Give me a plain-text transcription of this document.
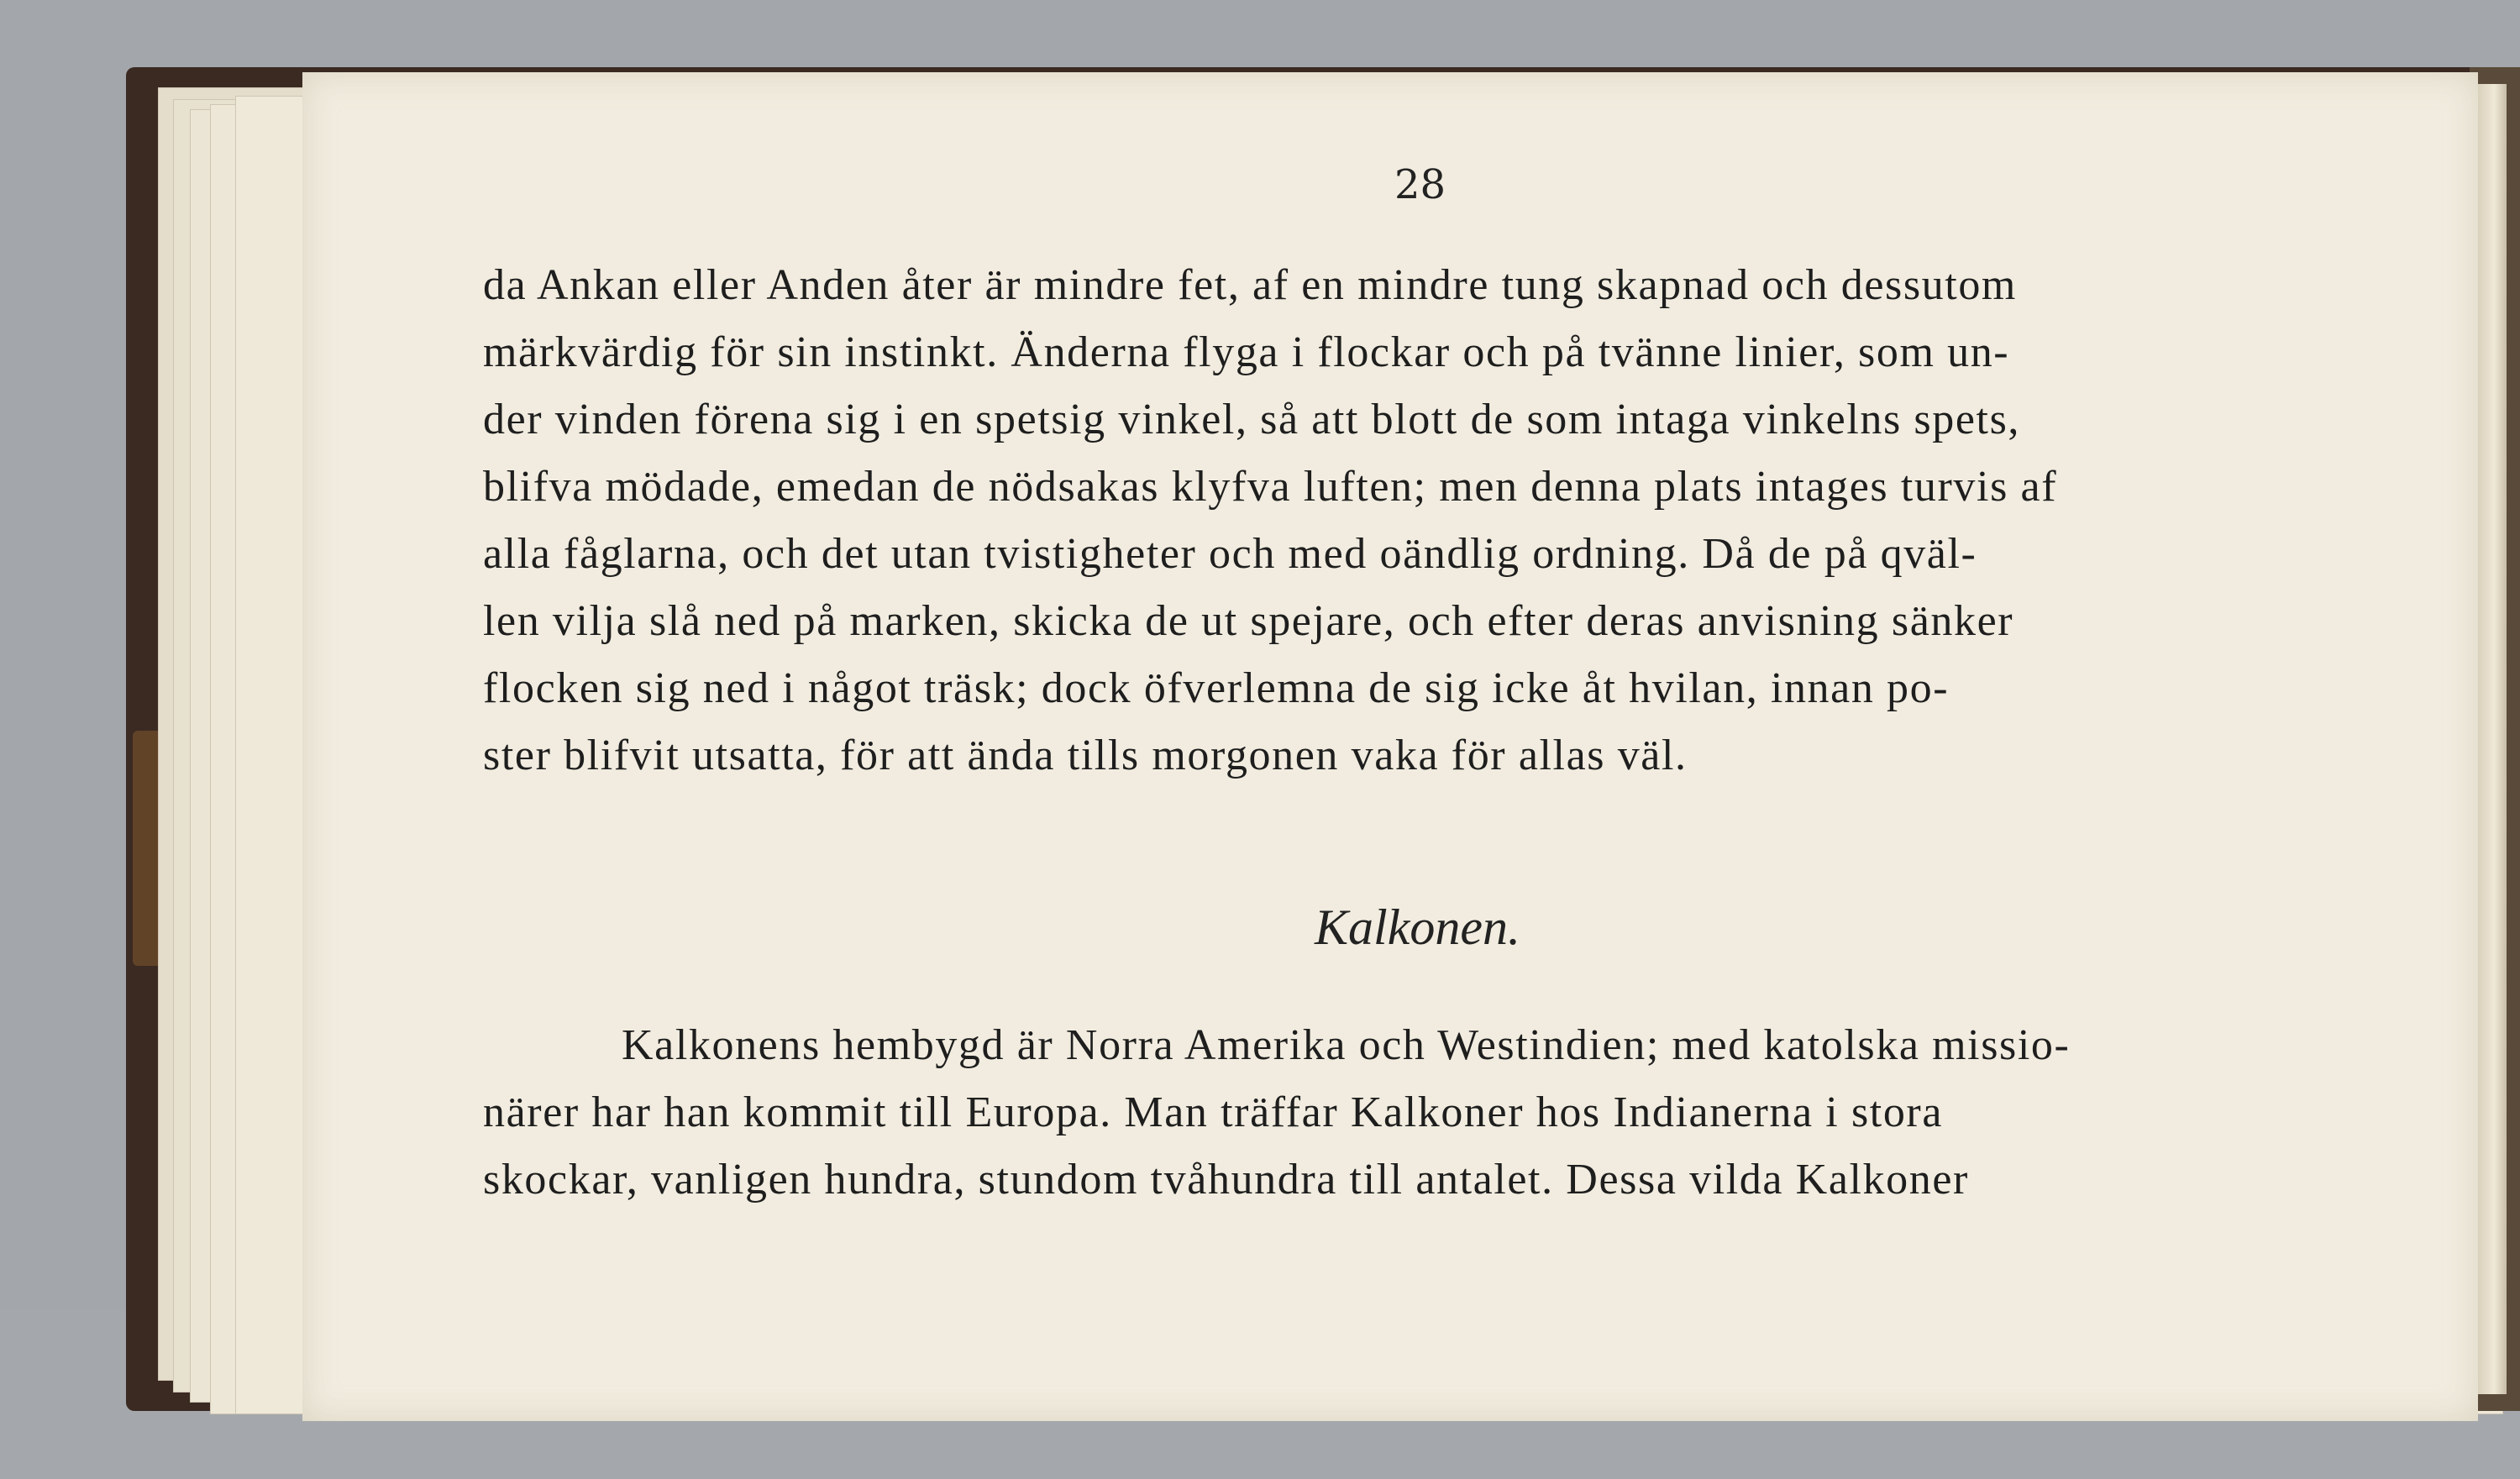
28
da Ankan eller Anden åter är mindre fet, af en mindre tung skapnad och dessutom
märkvärdig för sin instinkt. Änderna flyga i flockar och på tvänne linier, som un-
der vinden förena sig i en spetsig vinkel, så att blott de som intaga vinkelns spets,
blifva mödade, emedan de nödsakas klyfva luften; men denna plats intages turvis af
alla fåglarna, och det utan tvistigheter och med oändlig ordning. Då de på qväl-
len vilja slå ned på marken, skicka de ut spejare, och efter deras anvisning sänker
flocken sig ned i något träsk; dock öfverlemna de sig icke åt hvilan, innan po-
ster blifvit utsatta, för att ända tills morgonen vaka för allas väl.
Kalkonen.
Kalkonens hembygd är Norra Amerika och Westindien; med katolska missio-
närer har han kommit till Europa. Man träffar Kalkoner hos Indianerna i stora
skockar, vanligen hundra, stundom tvåhundra till antalet. Dessa vilda Kalkoner
